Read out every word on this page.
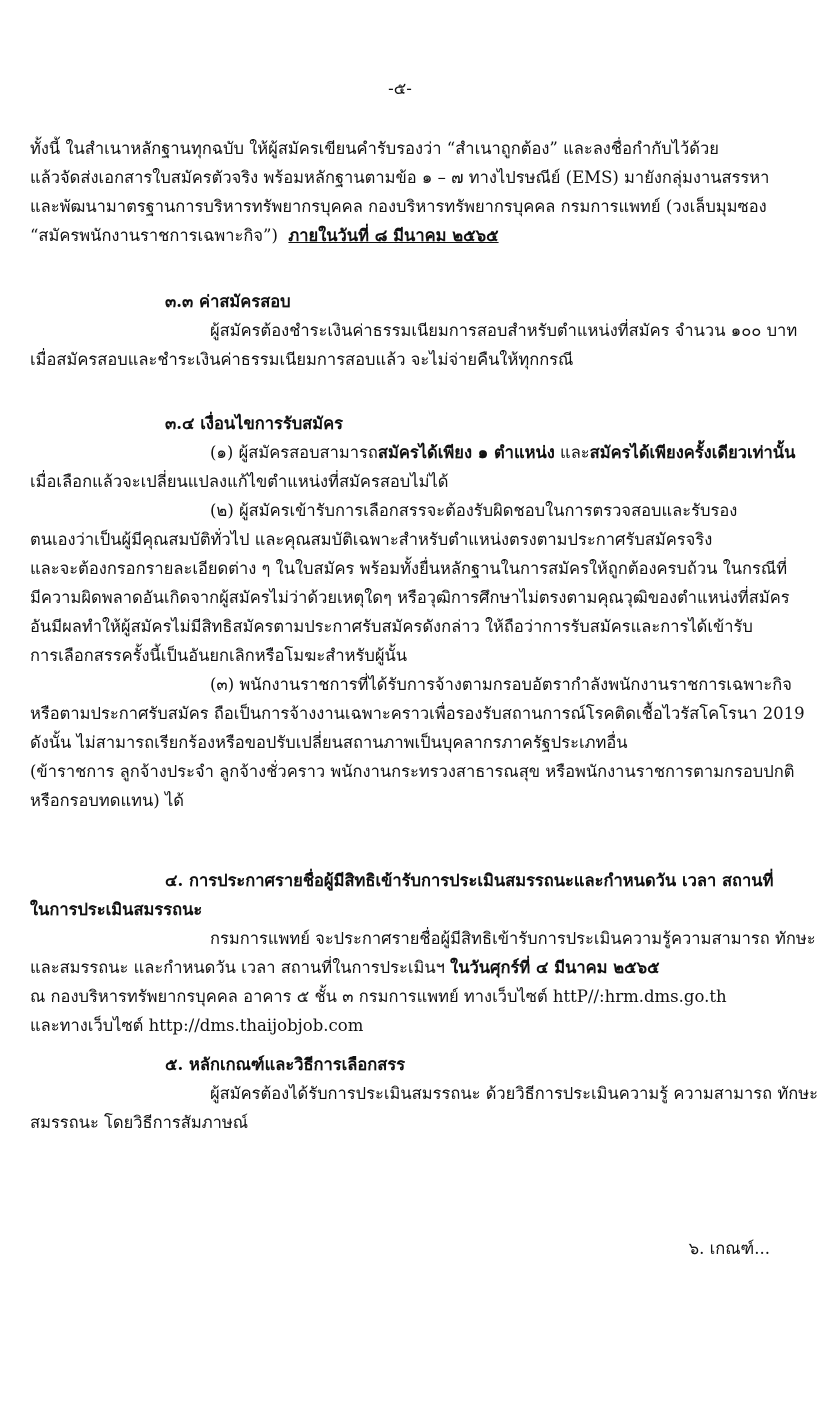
-๕-
ทั้งนี้ ในสำเนาหลักฐานทุกฉบับ ให้ผู้สมัครเขียนคำรับรองว่า “สำเนาถูกต้อง” และลงชื่อกำกับไว้ด้วย
แล้วจัดส่งเอกสารใบสมัครตัวจริง พร้อมหลักฐานตามข้อ ๑ – ๗ ทางไปรษณีย์ (EMS) มายังกลุ่มงานสรรหา
และพัฒนามาตรฐานการบริหารทรัพยากรบุคคล กองบริหารทรัพยากรบุคคล กรมการแพทย์ (วงเล็บมุมซอง
“สมัครพนักงานราชการเฉพาะกิจ”) ภายในวันที่ ๘ มีนาคม ๒๕๖๕
๓.๓ ค่าสมัครสอบ
ผู้สมัครต้องชำระเงินค่าธรรมเนียมการสอบสำหรับตำแหน่งที่สมัคร จำนวน ๑๐๐ บาท
เมื่อสมัครสอบและชำระเงินค่าธรรมเนียมการสอบแล้ว จะไม่จ่ายคืนให้ทุกกรณี
๓.๔ เงื่อนไขการรับสมัคร
(๑) ผู้สมัครสอบสามารถสมัครได้เพียง ๑ ตำแหน่ง และสมัครได้เพียงครั้งเดียวเท่านั้น
เมื่อเลือกแล้วจะเปลี่ยนแปลงแก้ไขตำแหน่งที่สมัครสอบไม่ได้
(๒) ผู้สมัครเข้ารับการเลือกสรรจะต้องรับผิดชอบในการตรวจสอบและรับรอง
ตนเองว่าเป็นผู้มีคุณสมบัติทั่วไป และคุณสมบัติเฉพาะสำหรับตำแหน่งตรงตามประกาศรับสมัครจริง
และจะต้องกรอกรายละเอียดต่าง ๆ ในใบสมัคร พร้อมทั้งยื่นหลักฐานในการสมัครให้ถูกต้องครบถ้วน ในกรณีที่
มีความผิดพลาดอันเกิดจากผู้สมัครไม่ว่าด้วยเหตุใดๆ หรือวุฒิการศึกษาไม่ตรงตามคุณวุฒิของตำแหน่งที่สมัคร
อันมีผลทำให้ผู้สมัครไม่มีสิทธิสมัครตามประกาศรับสมัครดังกล่าว ให้ถือว่าการรับสมัครและการได้เข้ารับ
การเลือกสรรครั้งนี้เป็นอันยกเลิกหรือโมฆะสำหรับผู้นั้น
(๓) พนักงานราชการที่ได้รับการจ้างตามกรอบอัตรากำลังพนักงานราชการเฉพาะกิจ
หรือตามประกาศรับสมัคร ถือเป็นการจ้างงานเฉพาะคราวเพื่อรองรับสถานการณ์โรคติดเชื้อไวรัสโคโรนา 2019
ดังนั้น ไม่สามารถเรียกร้องหรือขอปรับเปลี่ยนสถานภาพเป็นบุคลากรภาครัฐประเภทอื่น
(ข้าราชการ ลูกจ้างประจำ ลูกจ้างชั่วคราว พนักงานกระทรวงสาธารณสุข หรือพนักงานราชการตามกรอบปกติ
หรือกรอบทดแทน) ได้
๔. การประกาศรายชื่อผู้มีสิทธิเข้ารับการประเมินสมรรถนะและกำหนดวัน เวลา สถานที่
ในการประเมินสมรรถนะ
กรมการแพทย์ จะประกาศรายชื่อผู้มีสิทธิเข้ารับการประเมินความรู้ความสามารถ ทักษะ
และสมรรถนะ และกำหนดวัน เวลา สถานที่ในการประเมินฯ ในวันศุกร์ที่ ๔ มีนาคม ๒๕๖๕
ณ กองบริหารทรัพยากรบุคคล อาคาร ๕ ชั้น ๓ กรมการแพทย์ ทางเว็บไซต์ httP//:hrm.dms.go.th
และทางเว็บไซต์ http://dms.thaijobjob.com
๕. หลักเกณฑ์และวิธีการเลือกสรร
ผู้สมัครต้องได้รับการประเมินสมรรถนะ ด้วยวิธีการประเมินความรู้ ความสามารถ ทักษะ
สมรรถนะ โดยวิธีการสัมภาษณ์
๖. เกณฑ์...
